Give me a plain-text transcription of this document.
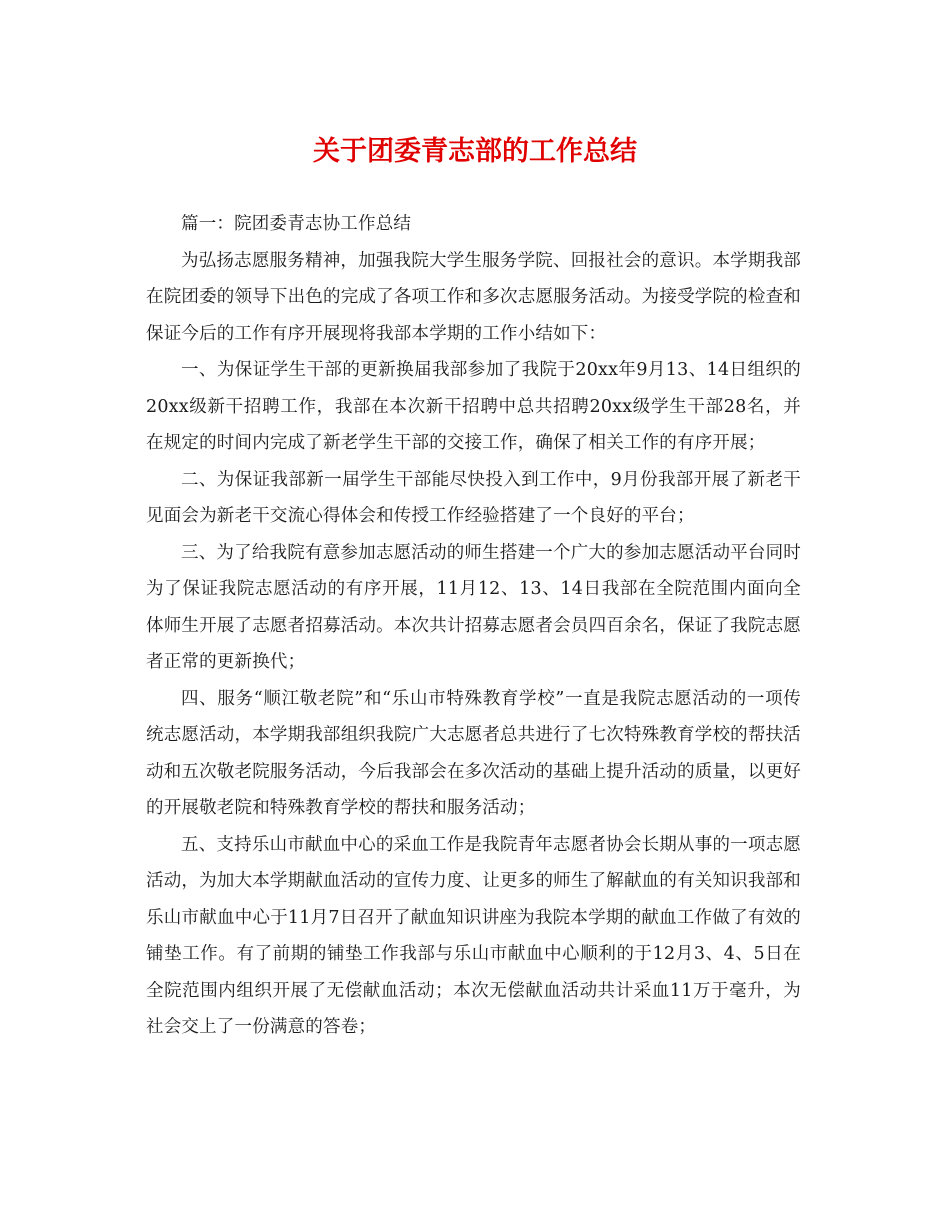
关于团委青志部的工作总结

篇一：院团委青志协工作总结

为弘扬志愿服务精神，加强我院大学生服务学院、回报社会的意识。本学期我部在院团委的领导下出色的完成了各项工作和多次志愿服务活动。为接受学院的检查和保证今后的工作有序开展现将我部本学期的工作小结如下：

一、为保证学生干部的更新换届我部参加了我院于20xx年9月13、14日组织的20xx级新干招聘工作，我部在本次新干招聘中总共招聘20xx级学生干部28名，并在规定的时间内完成了新老学生干部的交接工作，确保了相关工作的有序开展；

二、为保证我部新一届学生干部能尽快投入到工作中，9月份我部开展了新老干见面会为新老干交流心得体会和传授工作经验搭建了一个良好的平台；

三、为了给我院有意参加志愿活动的师生搭建一个广大的参加志愿活动平台同时为了保证我院志愿活动的有序开展，11月12、13、14日我部在全院范围内面向全体师生开展了志愿者招募活动。本次共计招募志愿者会员四百余名，保证了我院志愿者正常的更新换代；

四、服务“顺江敬老院”和“乐山市特殊教育学校”一直是我院志愿活动的一项传统志愿活动，本学期我部组织我院广大志愿者总共进行了七次特殊教育学校的帮扶活动和五次敬老院服务活动，今后我部会在多次活动的基础上提升活动的质量，以更好的开展敬老院和特殊教育学校的帮扶和服务活动；

五、支持乐山市献血中心的采血工作是我院青年志愿者协会长期从事的一项志愿活动，为加大本学期献血活动的宣传力度、让更多的师生了解献血的有关知识我部和乐山市献血中心于11月7日召开了献血知识讲座为我院本学期的献血工作做了有效的铺垫工作。有了前期的铺垫工作我部与乐山市献血中心顺利的于12月3、4、5日在全院范围内组织开展了无偿献血活动；本次无偿献血活动共计采血11万于毫升，为社会交上了一份满意的答卷；
